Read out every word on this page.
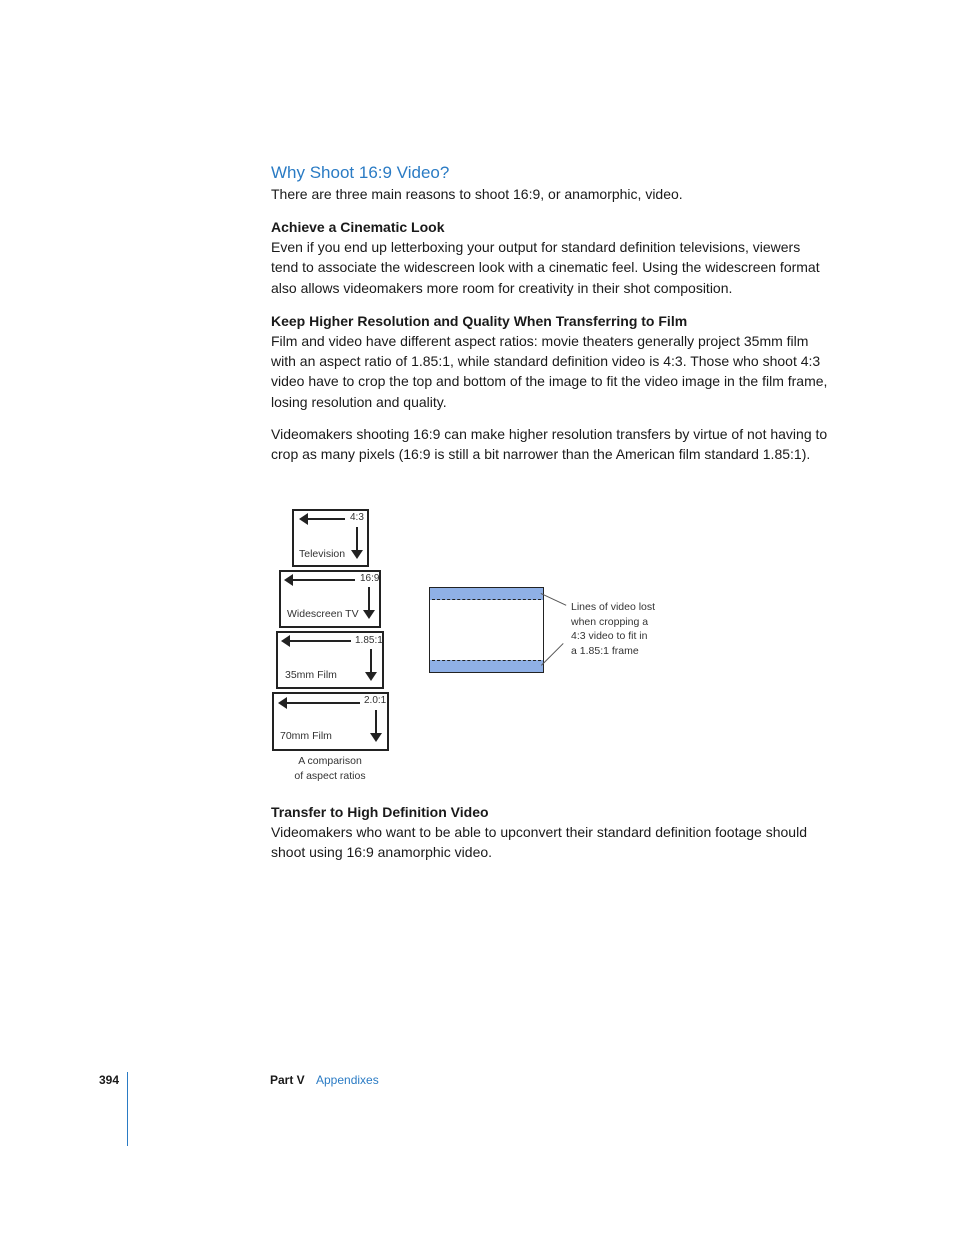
Why Shoot 16:9 Video?

There are three main reasons to shoot 16:9, or anamorphic, video.

Achieve a Cinematic Look

Even if you end up letterboxing your output for standard definition televisions, viewers tend to associate the widescreen look with a cinematic feel. Using the widescreen format also allows videomakers more room for creativity in their shot composition.

Keep Higher Resolution and Quality When Transferring to Film

Film and video have different aspect ratios: movie theaters generally project 35mm film with an aspect ratio of 1.85:1, while standard definition video is 4:3. Those who shoot 4:3 video have to crop the top and bottom of the image to fit the video image in the film frame, losing resolution and quality.

Videomakers shooting 16:9 can make higher resolution transfers by virtue of not having to crop as many pixels (16:9 is still a bit narrower than the American film standard 1.85:1).

4:3
Television
16:9
Widescreen TV
1.85:1
35mm Film
2.0:1
70mm Film
A comparison
of aspect ratios
Lines of video lost
when cropping a
4:3 video to fit in
a 1.85:1 frame
Transfer to High Definition Video

Videomakers who want to be able to upconvert their standard definition footage should shoot using 16:9 anamorphic video.

394	Part V Appendixes
